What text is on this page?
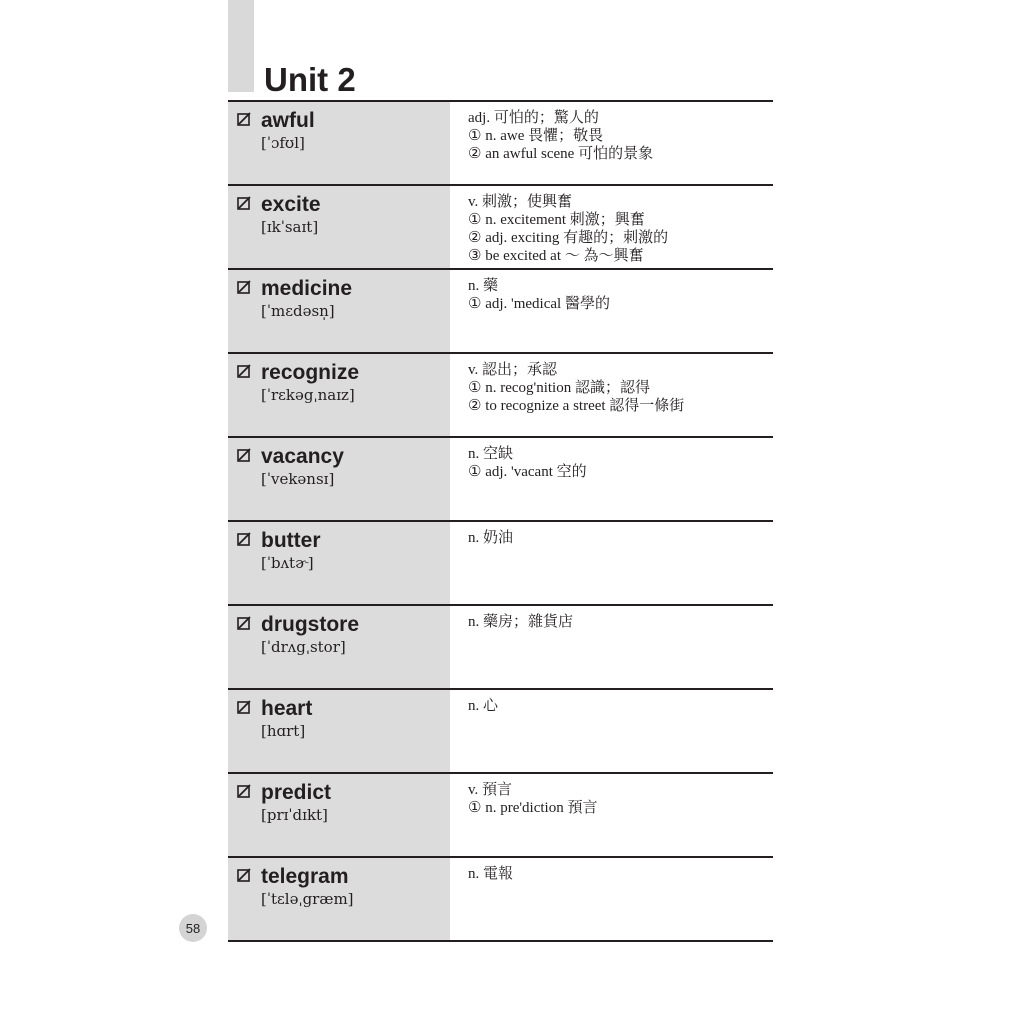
Unit 2
awful
[ˈɔfʊl]
adj. 可怕的；驚人的
① n. awe 畏懼；敬畏
② an awful scene 可怕的景象
excite
[ɪkˈsaɪt]
v. 刺激；使興奮
① n. excitement 刺激；興奮
② adj. exciting 有趣的；刺激的
③ be excited at ～ 為～興奮
medicine
[ˈmɛdəsn̩]
n. 藥
① adj. 'medical 醫學的
recognize
[ˈrɛkəgˌnaɪz]
v. 認出；承認
① n. recog'nition 認識；認得
② to recognize a street 認得一條街
vacancy
[ˈvekənsɪ]
n. 空缺
① adj. 'vacant 空的
butter
[ˈbʌtɚ]
n. 奶油
drugstore
[ˈdrʌgˌstor]
n. 藥房；雜貨店
heart
[hɑrt]
n. 心
predict
[prɪˈdɪkt]
v. 預言
① n. pre'diction 預言
telegram
[ˈtɛləˌgræm]
n. 電報
58
